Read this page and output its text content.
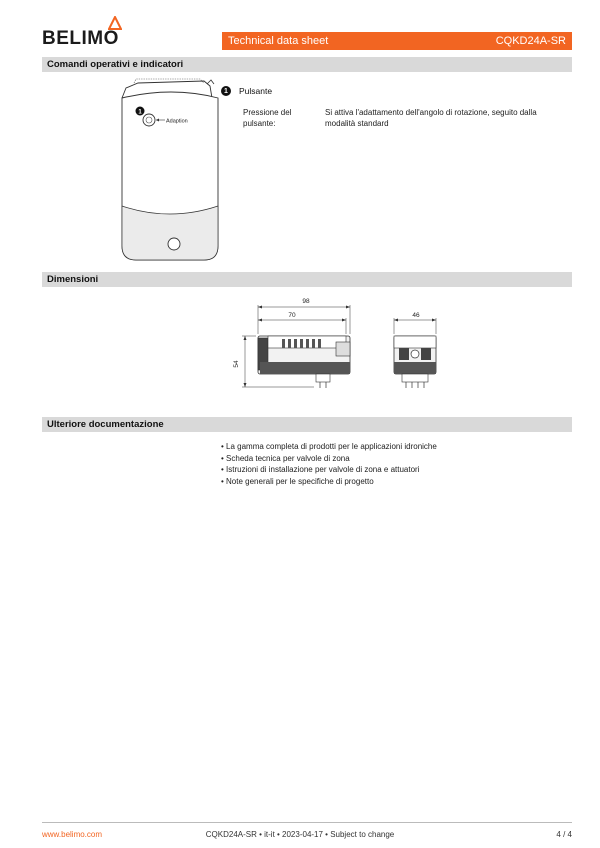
BELIMO	Technical data sheet	CQKD24A-SR
Comandi operativi e indicatori
1
Adaption
1	Pulsante
Pressione del pulsante:
Si attiva l'adattamento dell'angolo di rotazione, seguito dalla modalità standard
Dimensioni
98
70
54
46
Ulteriore documentazione
• La gamma completa di prodotti per le applicazioni idroniche
• Scheda tecnica per valvole di zona
• Istruzioni di installazione per valvole di zona e attuatori
• Note generali per le specifiche di progetto
www.belimo.com	CQKD24A-SR • it-it • 2023-04-17 • Subject to change	4 / 4
